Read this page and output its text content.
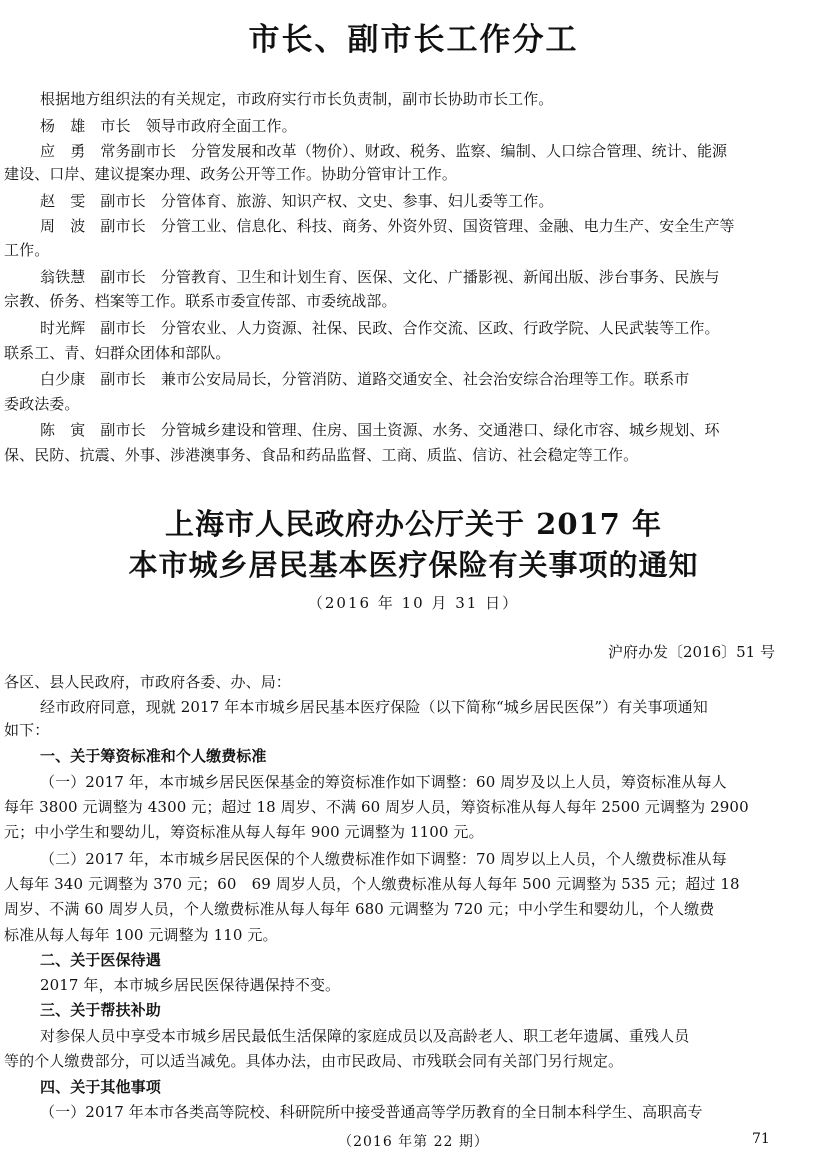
市长、副市长工作分工
根据地方组织法的有关规定，市政府实行市长负责制，副市长协助市长工作。
杨　雄　 市长　 领导市政府全面工作。
应　勇　 常务副市长　 分管发展和改革（物价）、财政、税务、监察、编制、人口综合管理、统计、能源
建设、口岸、建议提案办理、政务公开等工作。协助分管审计工作。
赵　雯　 副市长　 分管体育、旅游、知识产权、文史、参事、妇儿委等工作。
周　波　 副市长　 分管工业、信息化、科技、商务、外资外贸、国资管理、金融、电力生产、安全生产等
工作。
翁铁慧　 副市长　 分管教育、卫生和计划生育、医保、文化、广播影视、新闻出版、涉台事务、民族与
宗教、侨务、档案等工作。联系市委宣传部、市委统战部。
时光辉　 副市长　 分管农业、人力资源、社保、民政、合作交流、区政、行政学院、人民武装等工作。
联系工、青、妇群众团体和部队。
白少康　 副市长　 兼市公安局局长，分管消防、道路交通安全、社会治安综合治理等工作。联系市
委政法委。
陈　寅　 副市长　 分管城乡建设和管理、住房、国土资源、水务、交通港口、绿化市容、城乡规划、环
保、民防、抗震、外事、涉港澳事务、食品和药品监督、工商、质监、信访、社会稳定等工作。
上海市人民政府办公厅关于 2017 年
本市城乡居民基本医疗保险有关事项的通知
（2016 年 10 月 31 日）
沪府办发〔2016〕51 号
各区、县人民政府，市政府各委、办、局：
经市政府同意，现就 2017 年本市城乡居民基本医疗保险（以下简称“城乡居民医保”）有关事项通知
如下：
一、关于筹资标准和个人缴费标准
（一）2017 年，本市城乡居民医保基金的筹资标准作如下调整：60 周岁及以上人员，筹资标准从每人
每年 3800 元调整为 4300 元；超过 18 周岁、不满 60 周岁人员，筹资标准从每人每年 2500 元调整为 2900
元；中小学生和婴幼儿，筹资标准从每人每年 900 元调整为 1100 元。
（二）2017 年，本市城乡居民医保的个人缴费标准作如下调整：70 周岁以上人员，个人缴费标准从每
人每年 340 元调整为 370 元；60　69 周岁人员，个人缴费标准从每人每年 500 元调整为 535 元；超过 18
周岁、不满 60 周岁人员，个人缴费标准从每人每年 680 元调整为 720 元；中小学生和婴幼儿，个人缴费
标准从每人每年 100 元调整为 110 元。
二、关于医保待遇
2017 年，本市城乡居民医保待遇保持不变。
三、关于帮扶补助
对参保人员中享受本市城乡居民最低生活保障的家庭成员以及高龄老人、职工老年遗属、重残人员
等的个人缴费部分，可以适当减免。具体办法，由市民政局、市残联会同有关部门另行规定。
四、关于其他事项
（一）2017 年本市各类高等院校、科研院所中接受普通高等学历教育的全日制本科学生、高职高专
（2016 年第 22 期）	71
